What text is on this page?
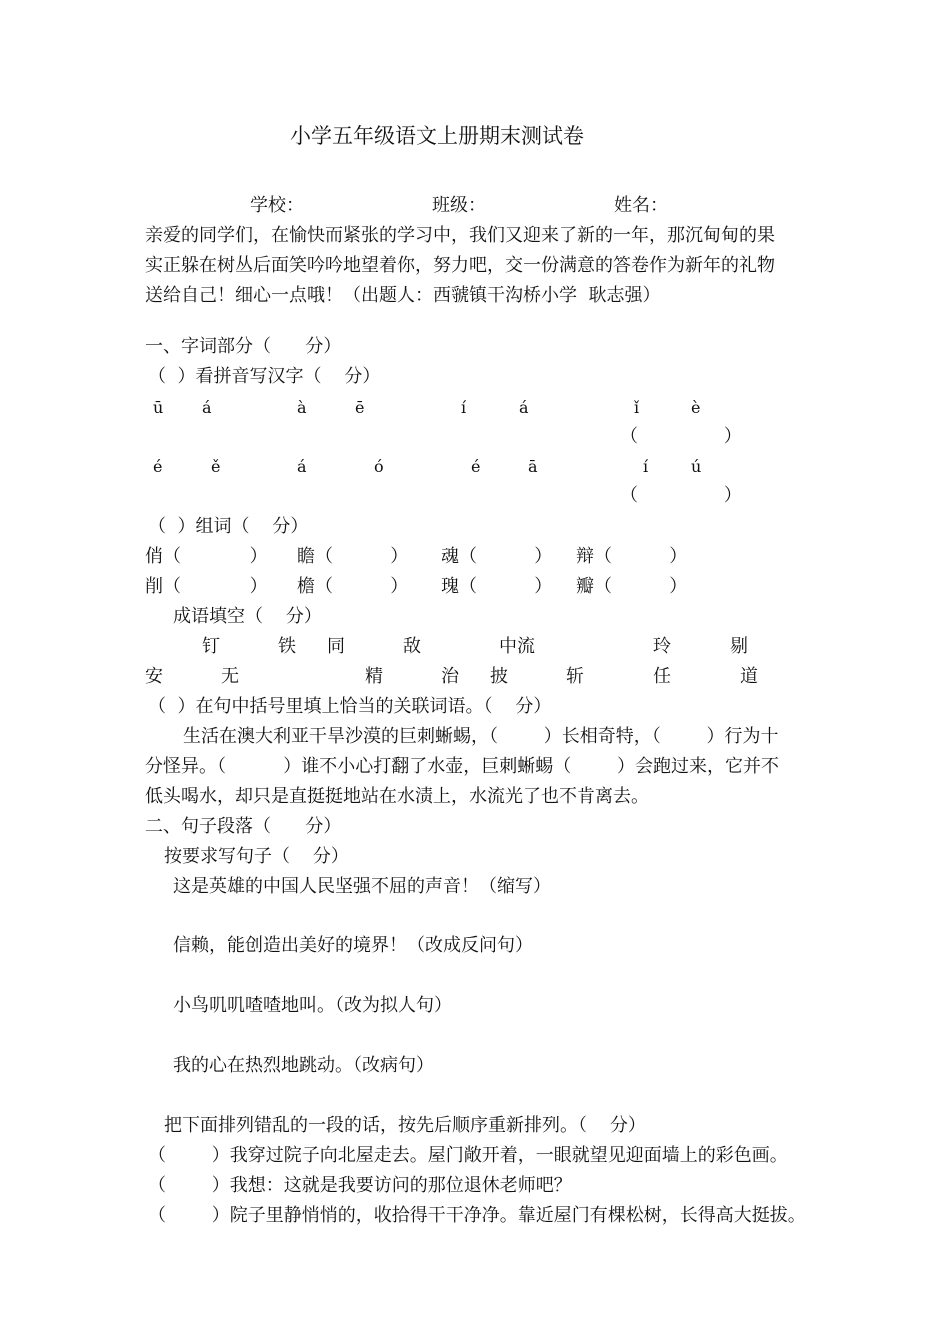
小学五年级语文上册期末测试卷
学校：	班级：	姓名：
亲爱的同学们，在愉快而紧张的学习中，我们又迎来了新的一年，那沉甸甸的果
实正躲在树丛后面笑吟吟地望着你，努力吧，交一份满意的答卷作为新年的礼物
送给自己！细心一点哦！（出题人：西虢镇干沟桥小学  耿志强）
一、字词部分（      分）
（  ）看拼音写汉字（    分）
ū á	à	ē	í	á	ǐ	è
（               ）
é	ě	á	ó	é	ā	í	ú
（               ）
（  ）组词（    分）
俏（            ） 瞻（          ） 魂（          ） 辩（          ）
削（            ） 檐（          ） 瑰（          ） 瓣（          ）
成语填空（    分）
钉	铁 同	敌	中流	玲	剔
安	无	精	治 披	斩	任	道
（  ）在句中括号里填上恰当的关联词语。（    分）
生活在澳大利亚干旱沙漠的巨刺蜥蜴，（        ）长相奇特，（        ）行为十
分怪异。（          ）谁不小心打翻了水壶，巨刺蜥蜴（        ）会跑过来，它并不
低头喝水，却只是直挺挺地站在水渍上，水流光了也不肯离去。
二、句子段落（      分）
按要求写句子（    分）
这是英雄的中国人民坚强不屈的声音！（缩写）
信赖，能创造出美好的境界！（改成反问句）
小鸟叽叽喳喳地叫。（改为拟人句）
我的心在热烈地跳动。（改病句）
把下面排列错乱的一段的话，按先后顺序重新排列。（    分）
（        ）我穿过院子向北屋走去。屋门敞开着，一眼就望见迎面墙上的彩色画。
（        ）我想：这就是我要访问的那位退休老师吧？
（        ）院子里静悄悄的，收拾得干干净净。靠近屋门有棵松树，长得高大挺拔。
